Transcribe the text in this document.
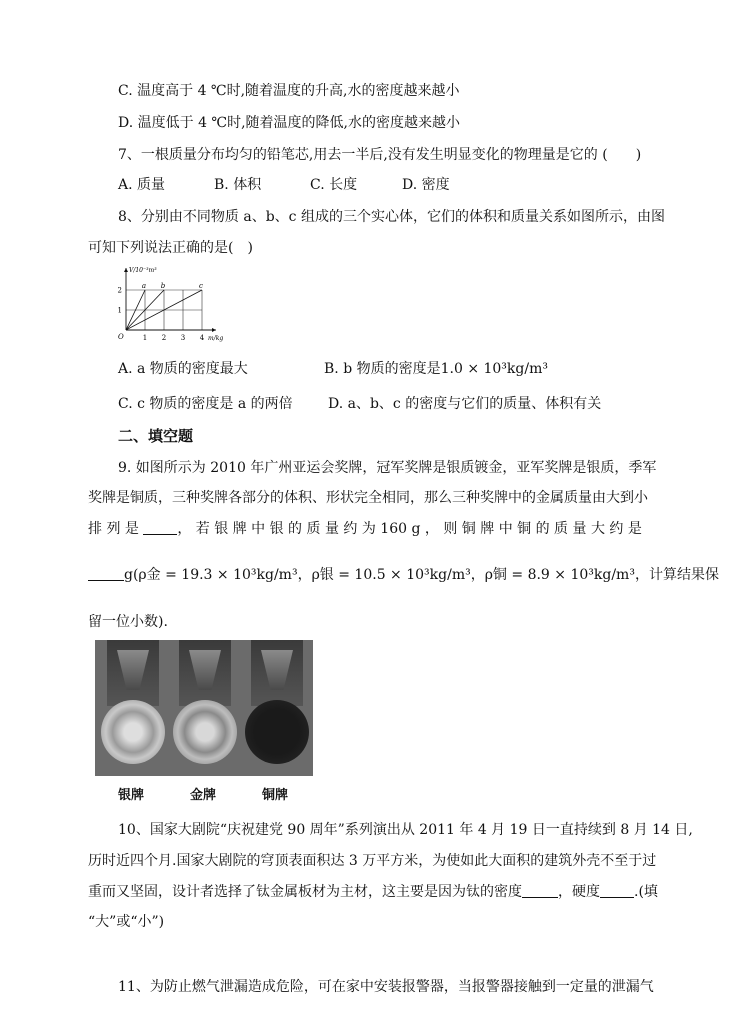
C. 温度高于 4 ℃时,随着温度的升高,水的密度越来越小
D. 温度低于 4 ℃时,随着温度的降低,水的密度越来越小
7、一根质量分布均匀的铅笔芯,用去一半后,没有发生明显变化的物理量是它的 (　　)
A. 质量	B. 体积	C. 长度	D. 密度
8、分别由不同物质 a、b、c 组成的三个实心体，它们的体积和质量关系如图所示，由图
可知下列说法正确的是(　)
1 2 3 4
1
2
a b	c
V/10⁻³m³
m/kg
O
A. a 物质的密度最大	B. b 物质的密度是1.0 × 10³kg/m³
C. c 物质的密度是 a 的两倍	D. a、b、c 的密度与它们的质量、体积有关
二、填空题
9. 如图所示为 2010 年广州亚运会奖牌，冠军奖牌是银质镀金，亚军奖牌是银质，季军
奖牌是铜质，三种奖牌各部分的体积、形状完全相同，那么三种奖牌中的金属质量由大到小
排 列 是	， 若 银 牌 中 银 的 质 量 约 为 160 g ， 则 铜 牌 中 铜 的 质 量 大 约 是
g(ρ金 = 19.3 × 10³kg/m³，ρ银 = 10.5 × 10³kg/m³，ρ铜 = 8.9 × 10³kg/m³，计算结果保
留一位小数).
银牌	金牌	铜牌
10、国家大剧院“庆祝建党 90 周年”系列演出从 2011 年 4 月 19 日一直持续到 8 月 14 日,
历时近四个月.国家大剧院的穹顶表面积达 3 万平方米，为使如此大面积的建筑外壳不至于过
重而又坚固，设计者选择了钛金属板材为主材，这主要是因为钛的密度	，硬度 .(填
“大”或“小”)
11、为防止燃气泄漏造成危险，可在家中安装报警器，当报警器接触到一定量的泄漏气
